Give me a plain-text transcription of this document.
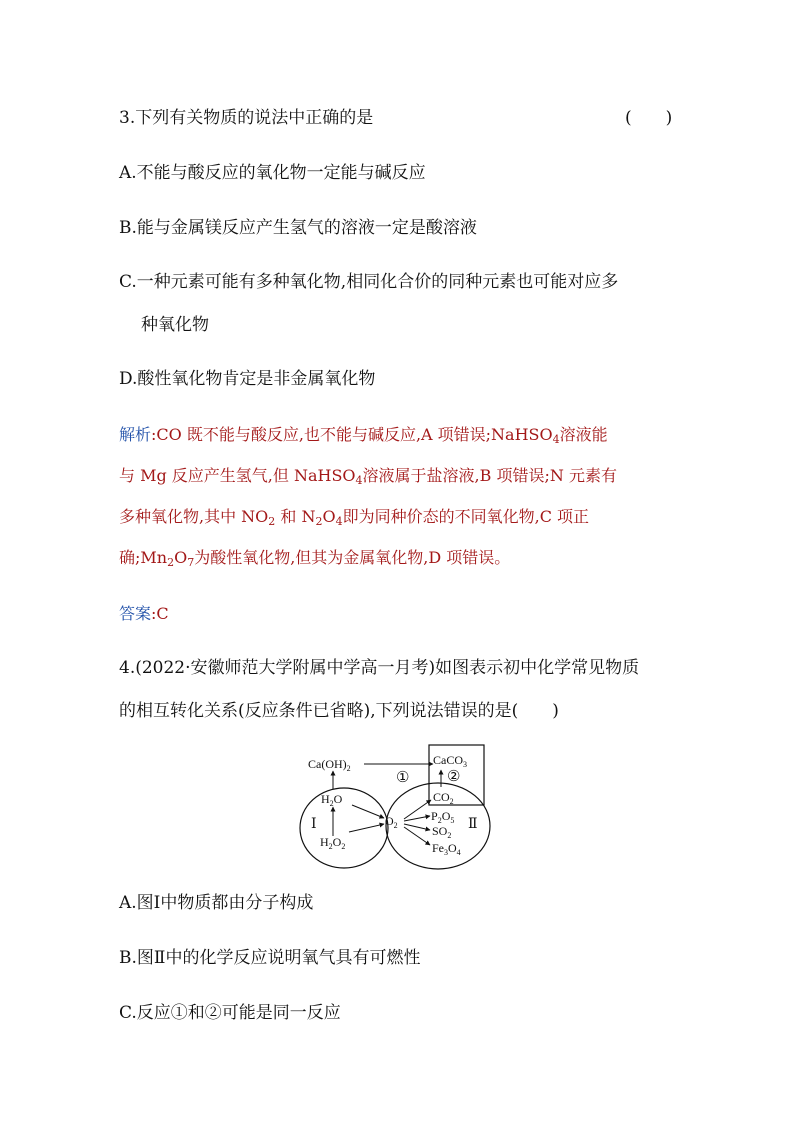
3.下列有关物质的说法中正确的是	(　　)
A.不能与酸反应的氧化物一定能与碱反应
B.能与金属镁反应产生氢气的溶液一定是酸溶液
C.一种元素可能有多种氧化物,相同化合价的同种元素也可能对应多
种氧化物
D.酸性氧化物肯定是非金属氧化物
解析:CO 既不能与酸反应,也不能与碱反应,A 项错误;NaHSO$_4$溶液能
与 Mg 反应产生氢气,但 NaHSO$_4$溶液属于盐溶液,B 项错误;N 元素有
多种氧化物,其中 $NO_2$ 和 $N_2O_4$即为同种价态的不同氧化物,C 项正
确$;Mn_2O_7$为酸性氧化物,但其为金属氧化物,D 项错误。
答案:C
4.(2022·安徽师范大学附属中学高一月考)如图表示初中化学常见物质
的相互转化关系(反应条件已省略),下列说法错误的是(　　)
$Ca(OH)_2$
CaCO$_3$
①	②
$H_2O$	$CO_2$
Ⅰ	$O_2$
$P_2O_5$ Ⅱ
$SO_2$
$H_2O_2$	$Fe_3O_4$
A.图Ⅰ中物质都由分子构成
B.图Ⅱ中的化学反应说明氧气具有可燃性
C.反应①和②可能是同一反应
